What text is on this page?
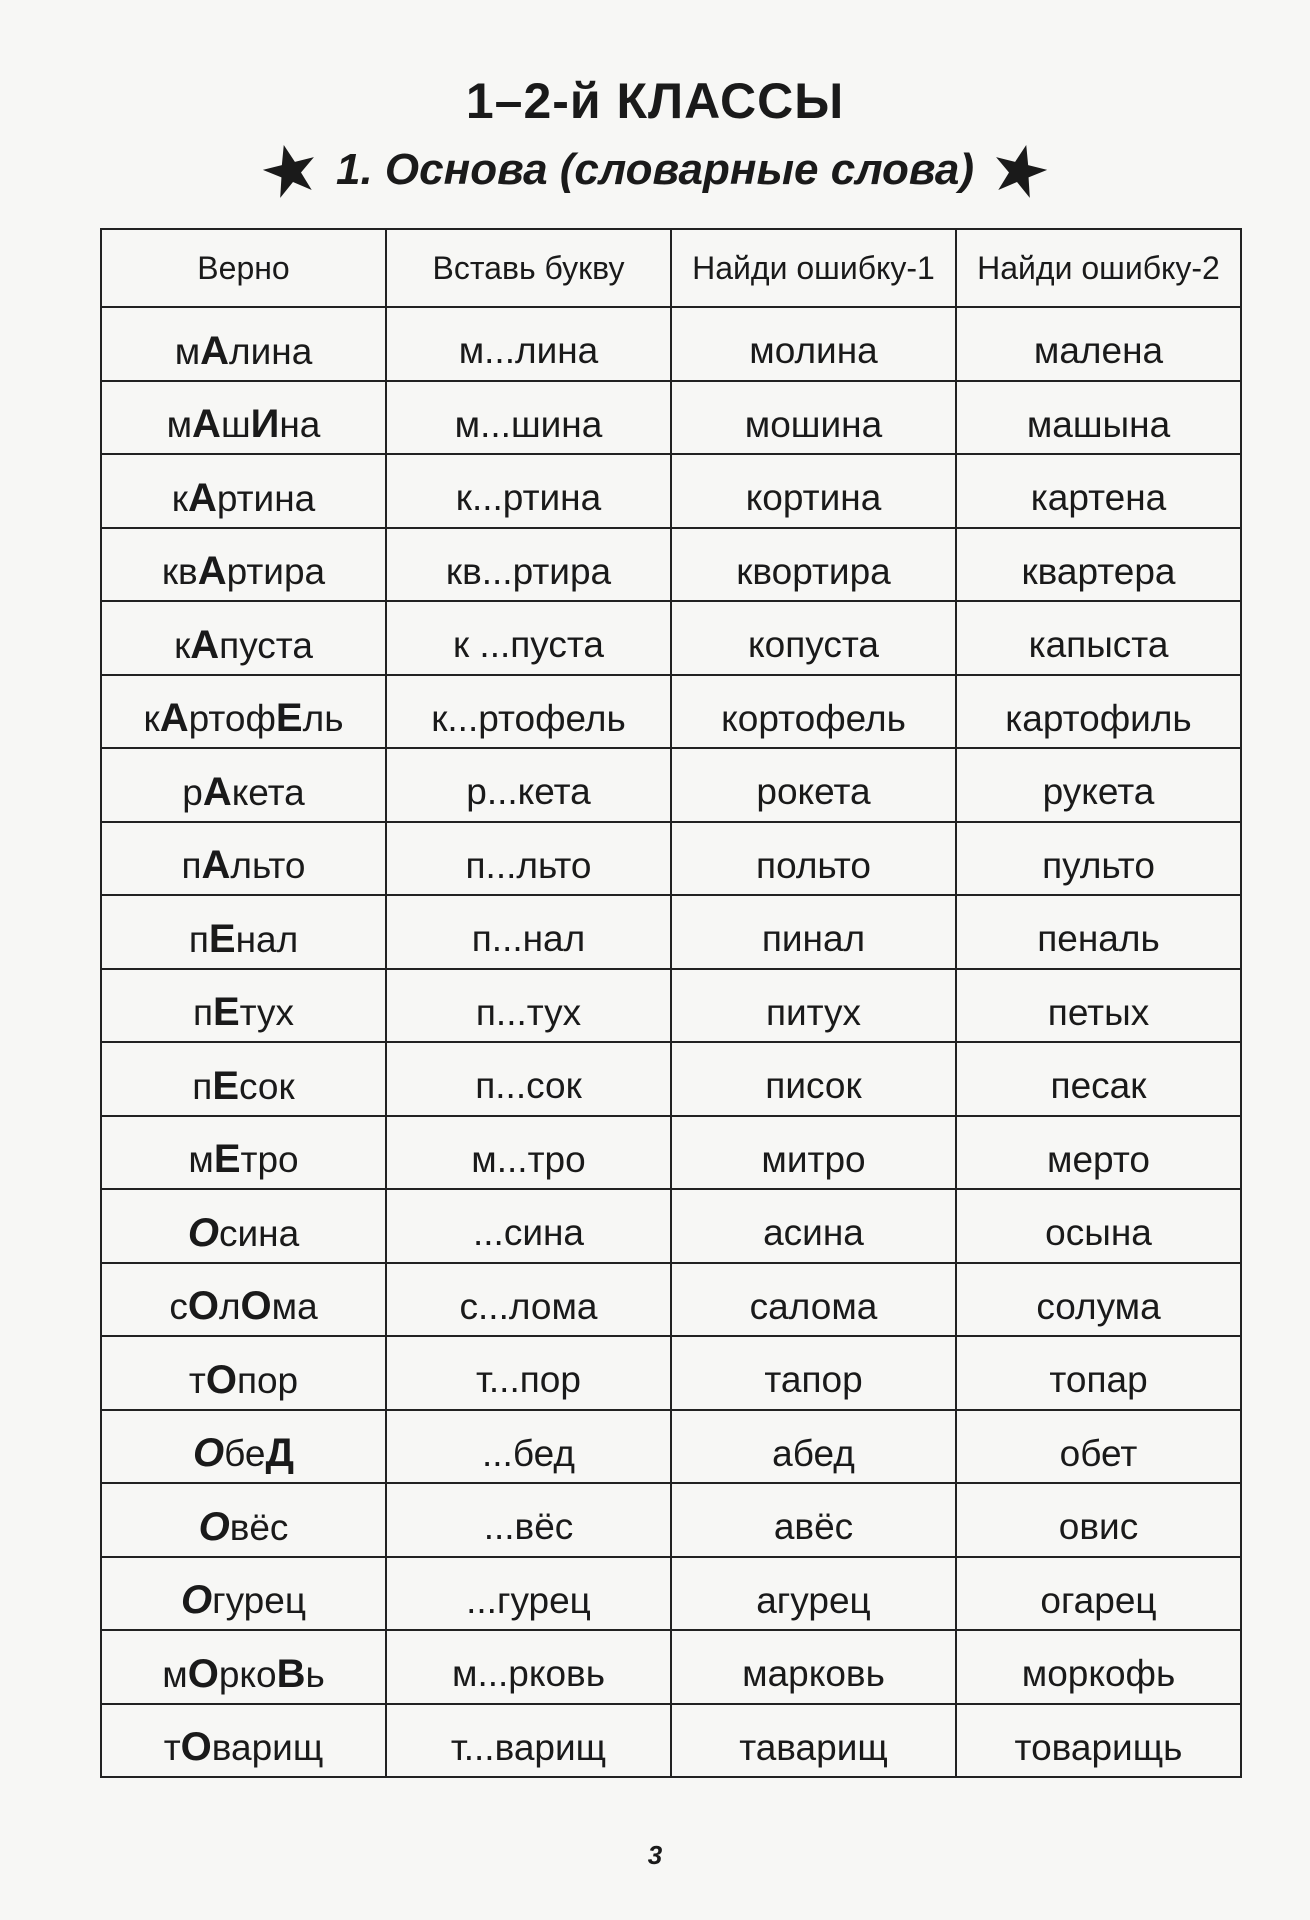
1–2-й КЛАССЫ
1. Основа (словарные слова)
Верно	Вставь букву	Найди ошибку-1	Найди ошибку-2
мАлина	м...лина	молина	малена
мАшИна	м...шина	мошина	машына
кАртина	к...ртина	кортина	картена
квАртира	кв...ртира	квортира	квартера
кАпуста	к ...пуста	копуста	капыста
кАртофЕль	к...ртофель	кортофель	картофиль
рАкета	р...кета	рокета	рукета
пАльто	п...льто	польто	пульто
пЕнал	п...нал	пинал	пеналь
пЕтух	п...тух	питух	петых
пЕсок	п...сок	писок	песак
мЕтро	м...тро	митро	мерто
Осина	...сина	асина	осына
сОлОма	с...лома	салома	солума
тОпор	т...пор	тапор	топар
ОбеД	...бед	абед	обет
Овёс	...вёс	авёс	овис
Огурец	...гурец	агурец	огарец
мОркоВь	м...рковь	марковь	моркофь
тОварищ	т...варищ	таварищ	товарищь
3
